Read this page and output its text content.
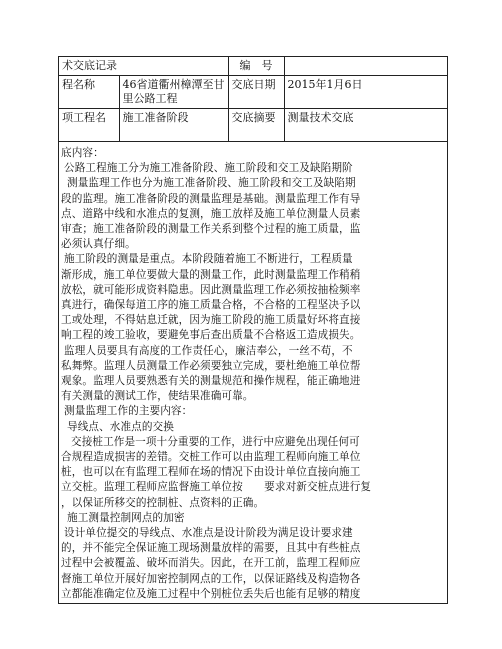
术交底记录		编　号	
程名称	46省道衢州樟潭至甘里公路工程	交底日期	2015年1月6日
项工程名	施工准备阶段	交底摘要	测量技术交底

底内容：

公路工程施工分为施工准备阶段、施工阶段和交工及缺陷期阶

测量监理工作也分为施工准备阶段、施工阶段和交工及缺陷期

段的监理。施工准备阶段的测量监理是基础。测量监理工作有导

点、道路中线和水准点的复测，施工放样及施工单位测量人员素

审查；施工准备阶段的测量工作关系到整个过程的施工质量，监

必须认真仔细。

施工阶段的测量是重点。本阶段随着施工不断进行，工程质量

渐形成，施工单位要做大量的测量工作，此时测量监理工作稍稍

放松，就可能形成资料隐患。因此测量监理工作必须按抽检频率

真进行，确保每道工序的施工质量合格，不合格的工程坚决予以

工或处理，不得姑息迁就，因为施工阶段的施工质量好坏将直接

响工程的竣工验收，要避免事后查出质量不合格返工造成损失。

监理人员要具有高度的工作责任心，廉洁奉公，一丝不苟，不

私舞弊。监理人员测量工作必须要独立完成，要杜绝施工单位帮

观象。监理人员要熟悉有关的测量规范和操作规程，能正确地进

有关测量的测试工作，使结果准确可靠。

测量监理工作的主要内容：

导线点、水准点的交换

交接桩工作是一项十分重要的工作，进行中应避免出现任何可

合规程造成损害的差错。交桩工作可以由监理工程师向施工单位

桩，也可以在有监理工程师在场的情况下由设计单位直接向施工

立交桩。监理工程师应监督施工单位按　　要求对新交桩点进行复

，以保证所移交的控制桩、点资料的正确。

施工测量控制网点的加密

设计单位提交的导线点、水准点是设计阶段为满足设计要求建

的，并不能完全保证施工现场测量放样的需要，且其中有些桩点

过程中会被覆盖、破坏而消失。因此，在开工前，监理工程师应

督施工单位开展好加密控制网点的工作，以保证路线及构造物各

立都能准确定位及施工过程中个别桩位丢失后也能有足够的精度
